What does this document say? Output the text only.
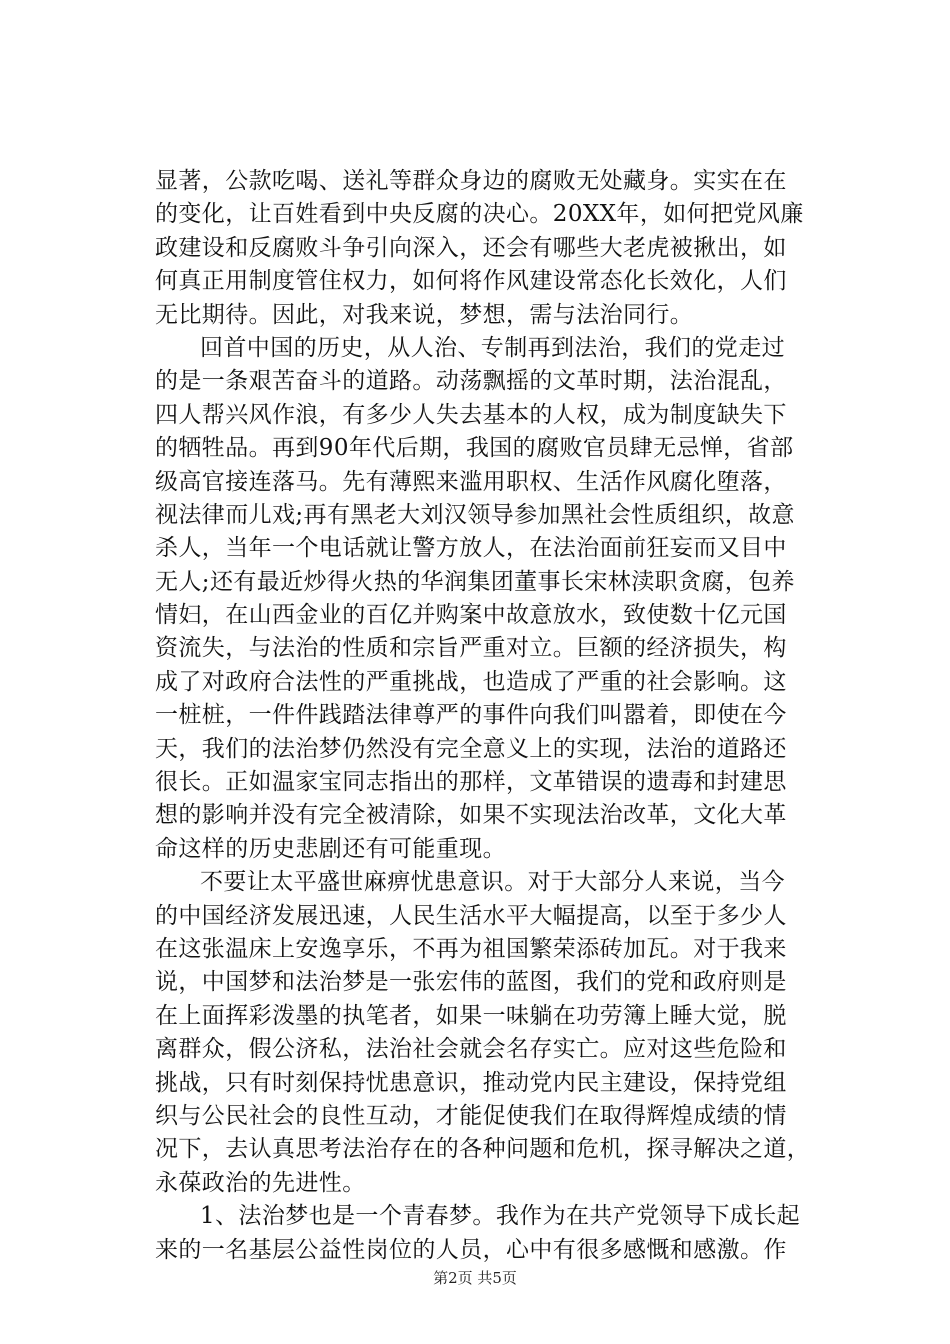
显著，公款吃喝、送礼等群众身边的腐败无处藏身。实实在在
的变化，让百姓看到中央反腐的决心。20XX年，如何把党风廉
政建设和反腐败斗争引向深入，还会有哪些大老虎被揪出，如
何真正用制度管住权力，如何将作风建设常态化长效化，人们
无比期待。因此，对我来说，梦想，需与法治同行。
回首中国的历史，从人治、专制再到法治，我们的党走过
的是一条艰苦奋斗的道路。动荡飘摇的文革时期，法治混乱，
四人帮兴风作浪，有多少人失去基本的人权，成为制度缺失下
的牺牲品。再到90年代后期，我国的腐败官员肆无忌惮，省部
级高官接连落马。先有薄熙来滥用职权、生活作风腐化堕落，
视法律而儿戏;再有黑老大刘汉领导参加黑社会性质组织，故意
杀人，当年一个电话就让警方放人，在法治面前狂妄而又目中
无人;还有最近炒得火热的华润集团董事长宋林渎职贪腐，包养
情妇，在山西金业的百亿并购案中故意放水，致使数十亿元国
资流失，与法治的性质和宗旨严重对立。巨额的经济损失，构
成了对政府合法性的严重挑战，也造成了严重的社会影响。这
一桩桩，一件件践踏法律尊严的事件向我们叫嚣着，即使在今
天，我们的法治梦仍然没有完全意义上的实现，法治的道路还
很长。正如温家宝同志指出的那样，文革错误的遗毒和封建思
想的影响并没有完全被清除，如果不实现法治改革，文化大革
命这样的历史悲剧还有可能重现。
不要让太平盛世麻痹忧患意识。对于大部分人来说，当今
的中国经济发展迅速，人民生活水平大幅提高，以至于多少人
在这张温床上安逸享乐，不再为祖国繁荣添砖加瓦。对于我来
说，中国梦和法治梦是一张宏伟的蓝图，我们的党和政府则是
在上面挥彩泼墨的执笔者，如果一味躺在功劳簿上睡大觉，脱
离群众，假公济私，法治社会就会名存实亡。应对这些危险和
挑战，只有时刻保持忧患意识，推动党内民主建设，保持党组
织与公民社会的良性互动，才能促使我们在取得辉煌成绩的情
况下，去认真思考法治存在的各种问题和危机，探寻解决之道，
永葆政治的先进性。
1、法治梦也是一个青春梦。我作为在共产党领导下成长起
来的一名基层公益性岗位的人员，心中有很多感慨和感激。作
第2页 共5页
